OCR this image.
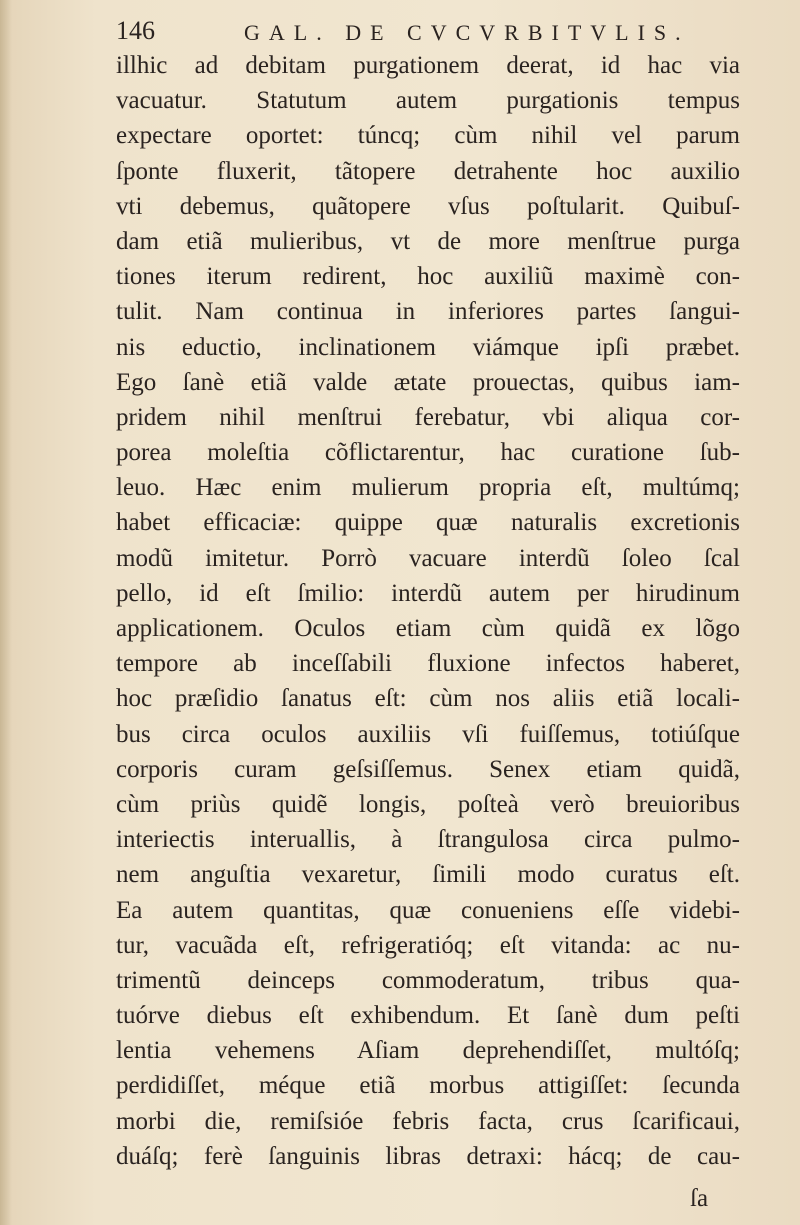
146	GAL. DE CVCVRBITVLIS.
illhic ad debitam purgationem deerat, id hac via
vacuatur. Statutum autem purgationis tempus
expectare oportet: túncq; cùm nihil vel parum
ſponte fluxerit, tãtopere detrahente hoc auxilio
vti debemus, quãtopere vſus poſtularit. Quibuſ-
dam etiã mulieribus, vt de more menſtrue purga
tiones iterum redirent, hoc auxiliũ maximè con-
tulit. Nam continua in inferiores partes ſangui-
nis eductio, inclinationem viámque ipſi præbet.
Ego ſanè etiã valde ætate prouectas, quibus iam-
pridem nihil menſtrui ferebatur, vbi aliqua cor-
porea moleſtia cõflictarentur, hac curatione ſub-
leuo. Hæc enim mulierum propria eſt, multúmq;
habet efficaciæ: quippe quæ naturalis excretionis
modũ imitetur. Porrò vacuare interdũ ſoleo ſcal
pello, id eſt ſmilio: interdũ autem per hirudinum
applicationem. Oculos etiam cùm quidã ex lõgo
tempore ab inceſſabili fluxione infectos haberet,
hoc præſidio ſanatus eſt: cùm nos aliis etiã locali-
bus circa oculos auxiliis vſi fuiſſemus, totiúſque
corporis curam geſsiſſemus. Senex etiam quidã,
cùm priùs quidẽ longis, poſteà verò breuioribus
interiectis interuallis, à ſtrangulosa circa pulmo-
nem anguſtia vexaretur, ſimili modo curatus eſt.
Ea autem quantitas, quæ conueniens eſſe videbi-
tur, vacuãda eſt, refrigeratióq; eſt vitanda: ac nu-
trimentũ deinceps commoderatum, tribus qua-
tuórve diebus eſt exhibendum. Et ſanè dum peſti
lentia vehemens Aſiam deprehendiſſet, multóſq;
perdidiſſet, méque etiã morbus attigiſſet: ſecunda
morbi die, remiſsióe febris facta, crus ſcarificaui,
duáſq; ferè ſanguinis libras detraxi: hácq; de cau-
ſa
